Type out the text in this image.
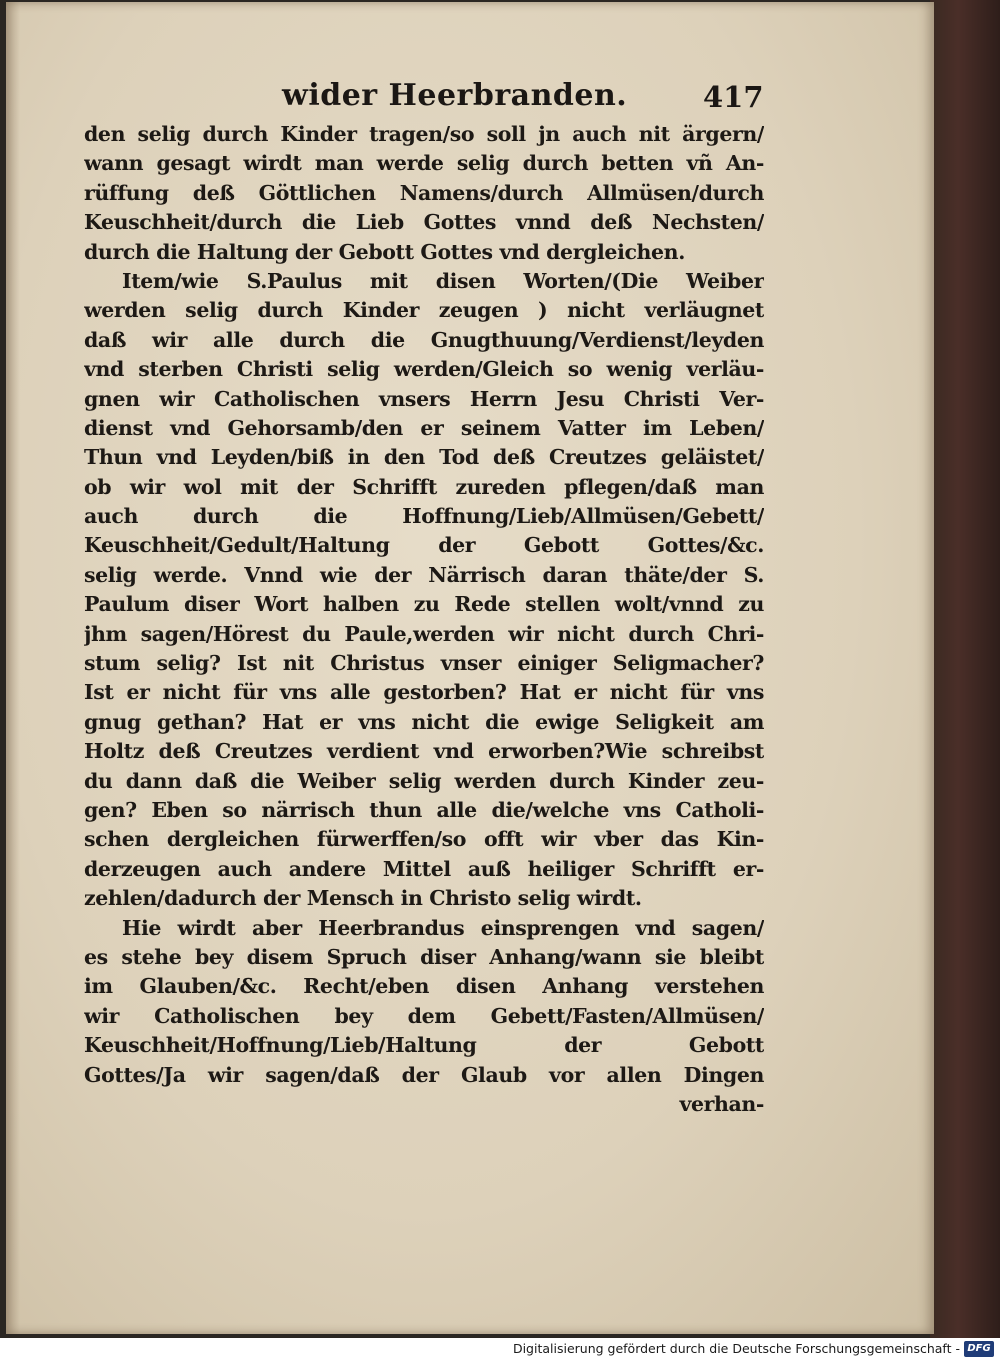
wider Heerbranden.	417
den selig durch Kinder tragen/so soll jn auch nit ärgern/
wann gesagt wirdt man werde selig durch betten vñ An-
rüffung deß Göttlichen Namens/durch Allmüsen/durch
Keuschheit/durch die Lieb Gottes vnnd deß Nechsten/
durch die Haltung der Gebott Gottes vnd dergleichen.
Item/wie S.Paulus mit disen Worten/(Die Weiber
werden selig durch Kinder zeugen ) nicht verläugnet
daß wir alle durch die Gnugthuung/Verdienst/leyden
vnd sterben Christi selig werden/Gleich so wenig verläu-
gnen wir Catholischen vnsers Herrn Jesu Christi Ver-
dienst vnd Gehorsamb/den er seinem Vatter im Leben/
Thun vnd Leyden/biß in den Tod deß Creutzes geläistet/
ob wir wol mit der Schrifft zureden pflegen/daß man
auch durch die Hoffnung/Lieb/Allmüsen/Gebett/
Keuschheit/Gedult/Haltung der Gebott Gottes/&c.
selig werde. Vnnd wie der Närrisch daran thäte/der S.
Paulum diser Wort halben zu Rede stellen wolt/vnnd zu
jhm sagen/Hörest du Paule,werden wir nicht durch Chri-
stum selig? Ist nit Christus vnser einiger Seligmacher?
Ist er nicht für vns alle gestorben? Hat er nicht für vns
gnug gethan? Hat er vns nicht die ewige Seligkeit am
Holtz deß Creutzes verdient vnd erworben?Wie schreibst
du dann daß die Weiber selig werden durch Kinder zeu-
gen? Eben so närrisch thun alle die/welche vns Catholi-
schen dergleichen fürwerffen/so offt wir vber das Kin-
derzeugen auch andere Mittel auß heiliger Schrifft er-
zehlen/dadurch der Mensch in Christo selig wirdt.
Hie wirdt aber Heerbrandus einsprengen vnd sagen/
es stehe bey disem Spruch diser Anhang/wann sie bleibt
im Glauben/&c. Recht/eben disen Anhang verstehen
wir Catholischen bey dem Gebett/Fasten/Allmüsen/
Keuschheit/Hoffnung/Lieb/Haltung der Gebott
Gottes/Ja wir sagen/daß der Glaub vor allen Dingen
verhan-
Digitalisierung gefördert durch die Deutsche Forschungsgemeinschaft - DFG
